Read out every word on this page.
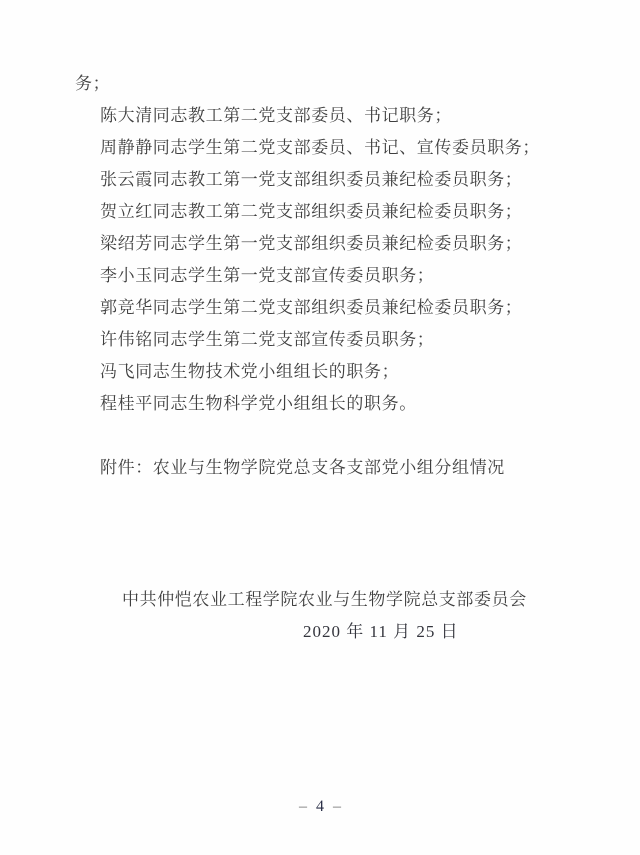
务；
陈大清同志教工第二党支部委员、书记职务；
周静静同志学生第二党支部委员、书记、宣传委员职务；
张云霞同志教工第一党支部组织委员兼纪检委员职务；
贺立红同志教工第二党支部组织委员兼纪检委员职务；
梁绍芳同志学生第一党支部组织委员兼纪检委员职务；
李小玉同志学生第一党支部宣传委员职务；
郭竞华同志学生第二党支部组织委员兼纪检委员职务；
许伟铭同志学生第二党支部宣传委员职务；
冯飞同志生物技术党小组组长的职务；
程桂平同志生物科学党小组组长的职务。
附件：农业与生物学院党总支各支部党小组分组情况
中共仲恺农业工程学院农业与生物学院总支部委员会
2020 年 11 月 25 日
– 4 –
